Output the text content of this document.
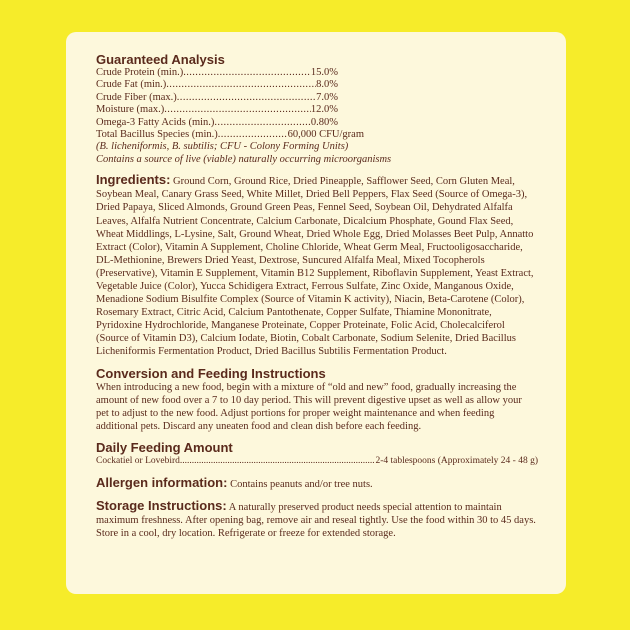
Guaranteed Analysis
Crude Protein (min.) .....	15.0%
Crude Fat (min.) .....	8.0%
Crude Fiber (max.) .....	7.0%
Moisture (max.) .....	12.0%
Omega-3 Fatty Acids (min.) .....	0.80%
Total Bacillus Species (min.) .....	60,000 CFU/gram
(B. licheniformis, B. subtilis; CFU - Colony Forming Units)
Contains a source of live (viable) naturally occurring microorganisms

Ingredients: Ground Corn, Ground Rice, Dried Pineapple, Safflower Seed, Corn Gluten Meal, Soybean Meal, Canary Grass Seed, White Millet, Dried Bell Peppers, Flax Seed (Source of Omega-3), Dried Papaya, Sliced Almonds, Ground Green Peas, Fennel Seed, Soybean Oil, Dehydrated Alfalfa Leaves, Alfalfa Nutrient Concentrate, Calcium Carbonate, Dicalcium Phosphate, Gound Flax Seed, Wheat Middlings, L-Lysine, Salt, Ground Wheat, Dried Whole Egg, Dried Molasses Beet Pulp, Annatto Extract (Color), Vitamin A Supplement, Choline Chloride, Wheat Germ Meal, Fructooligosaccharide, DL-Methionine, Brewers Dried Yeast, Dextrose, Suncured Alfalfa Meal, Mixed Tocopherols (Preservative), Vitamin E Supplement, Vitamin B12 Supplement, Riboflavin Supplement, Yeast Extract, Vegetable Juice (Color), Yucca Schidigera Extract, Ferrous Sulfate, Zinc Oxide, Manganous Oxide, Menadione Sodium Bisulfite Complex (Source of Vitamin K activity), Niacin, Beta-Carotene (Color), Rosemary Extract, Citric Acid, Calcium Pantothenate, Copper Sulfate, Thiamine Mononitrate, Pyridoxine Hydrochloride, Manganese Proteinate, Copper Proteinate, Folic Acid, Cholecalciferol (Source of Vitamin D3), Calcium Iodate, Biotin, Cobalt Carbonate, Sodium Selenite, Dried Bacillus Licheniformis Fermentation Product, Dried Bacillus Subtilis Fermentation Product.

Conversion and Feeding Instructions

When introducing a new food, begin with a mixture of “old and new” food, gradually increasing the amount of new food over a 7 to 10 day period. This will prevent digestive upset as well as allow your pet to adjust to the new food. Adjust portions for proper weight maintenance and when feeding additional pets. Discard any uneaten food and clean dish before each feeding.

Daily Feeding Amount
Cockatiel or Lovebird .....	2-4 tablespoons (Approximately 24 - 48 g)

Allergen information: Contains peanuts and/or tree nuts.

Storage Instructions: A naturally preserved product needs special attention to maintain maximum freshness. After opening bag, remove air and reseal tightly. Use the food within 30 to 45 days. Store in a cool, dry location. Refrigerate or freeze for extended storage.
